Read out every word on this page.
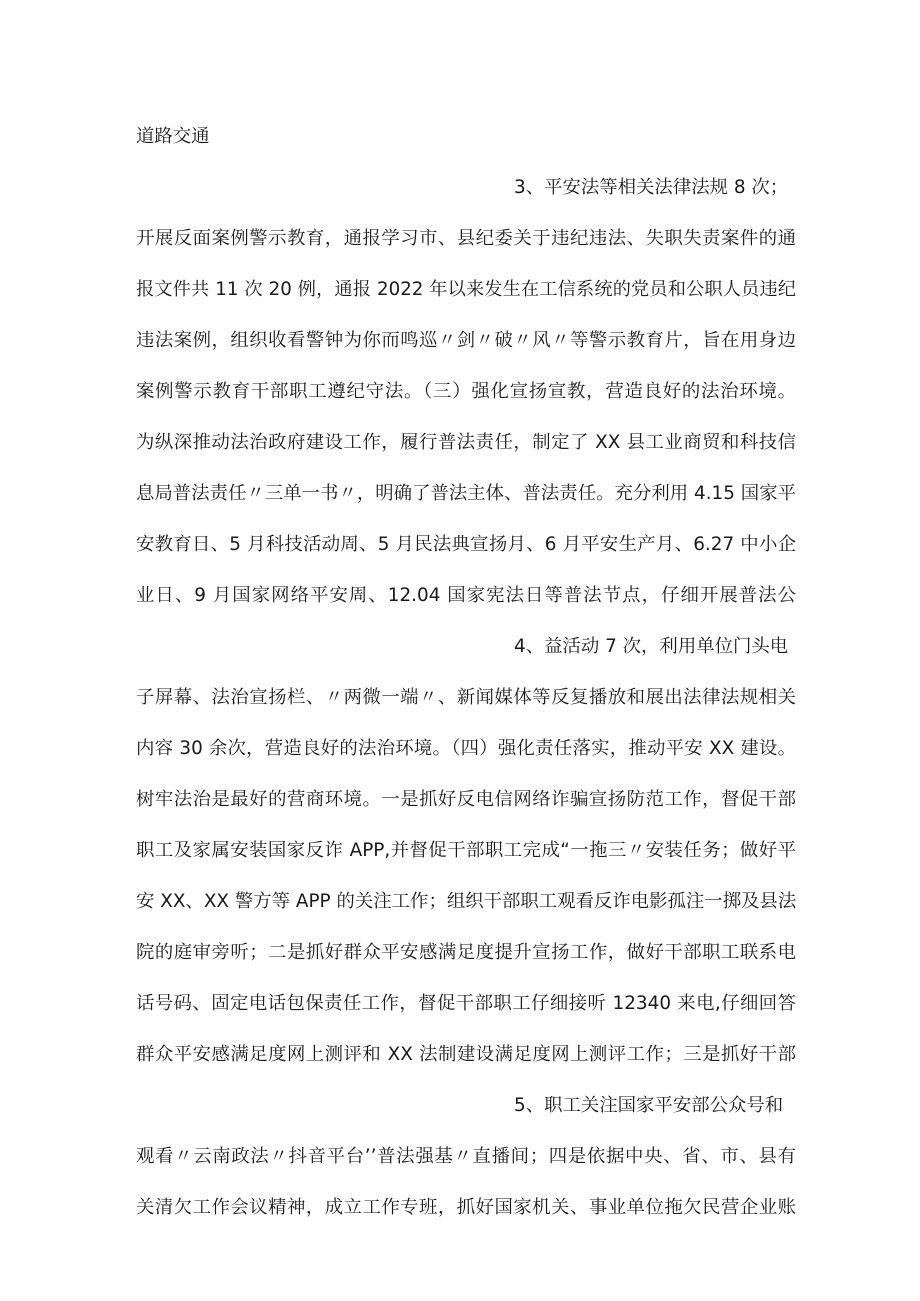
道路交通

3、平安法等相关法律法规 8 次；

开展反面案例警示教育，通报学习市、县纪委关于违纪违法、失职失责案件的通

报文件共 11 次 20 例，通报 2022 年以来发生在工信系统的党员和公职人员违纪

违法案例，组织收看警钟为你而鸣巡〃剑〃破〃风〃等警示教育片，旨在用身边

案例警示教育干部职工遵纪守法。（三）强化宣扬宣教，营造良好的法治环境。

为纵深推动法治政府建设工作，履行普法责任，制定了 XX 县工业商贸和科技信

息局普法责任〃三单一书〃，明确了普法主体、普法责任。充分利用 4.15 国家平

安教育日、5 月科技活动周、5 月民法典宣扬月、6 月平安生产月、6.27 中小企

业日、9 月国家网络平安周、12.04 国家宪法日等普法节点，仔细开展普法公

4、益活动 7 次，利用单位门头电

子屏幕、法治宣扬栏、〃两微一端〃、新闻媒体等反复播放和展出法律法规相关

内容 30 余次，营造良好的法治环境。（四）强化责任落实，推动平安 XX 建设。

树牢法治是最好的营商环境。一是抓好反电信网络诈骗宣扬防范工作，督促干部

职工及家属安装国家反诈 APP,并督促干部职工完成“一拖三〃安装任务；做好平

安 XX、XX 警方等 APP 的关注工作；组织干部职工观看反诈电影孤注一掷及县法

院的庭审旁听；二是抓好群众平安感满足度提升宣扬工作，做好干部职工联系电

话号码、固定电话包保责任工作，督促干部职工仔细接听 12340 来电,仔细回答

群众平安感满足度网上测评和 XX 法制建设满足度网上测评工作；三是抓好干部

5、职工关注国家平安部公众号和

观看〃云南政法〃抖音平台’’普法强基〃直播间；四是依据中央、省、市、县有

关清欠工作会议精神，成立工作专班，抓好国家机关、事业单位拖欠民营企业账
